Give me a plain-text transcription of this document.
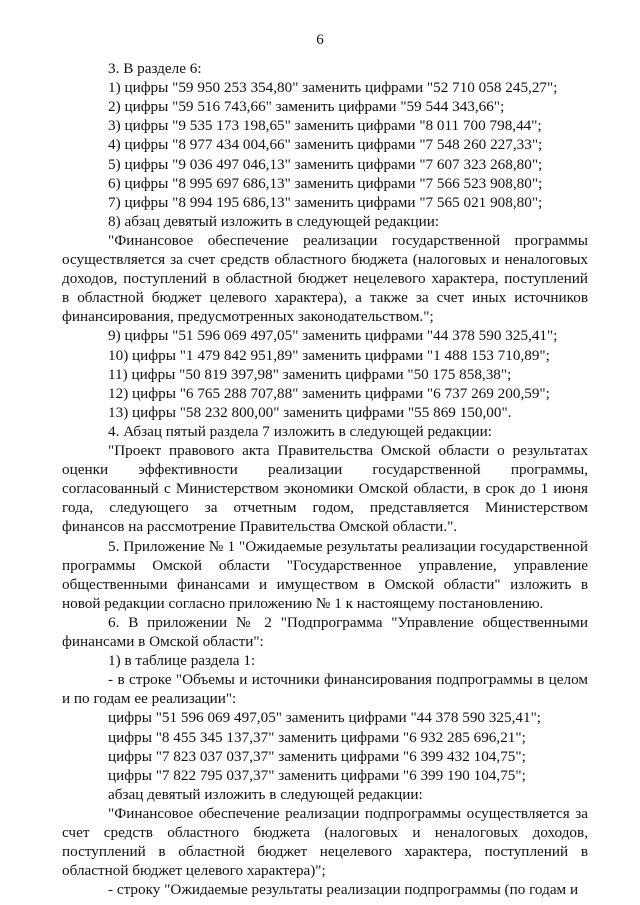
6
3. В разделе 6:
1) цифры "59 950 253 354,80" заменить цифрами "52 710 058 245,27";
2) цифры "59 516 743,66" заменить цифрами "59 544 343,66";
3) цифры "9 535 173 198,65" заменить цифрами "8 011 700 798,44";
4) цифры "8 977 434 004,66" заменить цифрами "7 548 260 227,33";
5) цифры "9 036 497 046,13" заменить цифрами "7 607 323 268,80";
6) цифры "8 995 697 686,13" заменить цифрами "7 566 523 908,80";
7) цифры "8 994 195 686,13" заменить цифрами "7 565 021 908,80";
8) абзац девятый изложить в следующей редакции:
"Финансовое обеспечение реализации государственной программы
осуществляется за счет средств областного бюджета (налоговых и неналоговых
доходов, поступлений в областной бюджет нецелевого характера, поступлений
в областной бюджет целевого характера), а также за счет иных источников
финансирования, предусмотренных законодательством.";
9) цифры "51 596 069 497,05" заменить цифрами "44 378 590 325,41";
10) цифры "1 479 842 951,89" заменить цифрами "1 488 153 710,89";
11) цифры "50 819 397,98" заменить цифрами "50 175 858,38";
12) цифры "6 765 288 707,88" заменить цифрами "6 737 269 200,59";
13) цифры "58 232 800,00" заменить цифрами "55 869 150,00".
4. Абзац пятый раздела 7 изложить в следующей редакции:
"Проект правового акта Правительства Омской области о результатах
оценки эффективности реализации государственной программы,
согласованный с Министерством экономики Омской области, в срок до 1 июня
года, следующего за отчетным годом, представляется Министерством
финансов на рассмотрение Правительства Омской области.".
5. Приложение № 1 "Ожидаемые результаты реализации государственной
программы Омской области "Государственное управление, управление
общественными финансами и имуществом в Омской области" изложить в
новой редакции согласно приложению № 1 к настоящему постановлению.
6. В приложении № 2 "Подпрограмма "Управление общественными
финансами в Омской области":
1) в таблице раздела 1:
- в строке "Объемы и источники финансирования подпрограммы в целом
и по годам ее реализации":
цифры "51 596 069 497,05" заменить цифрами "44 378 590 325,41";
цифры "8 455 345 137,37" заменить цифрами "6 932 285 696,21";
цифры "7 823 037 037,37" заменить цифрами "6 399 432 104,75";
цифры "7 822 795 037,37" заменить цифрами "6 399 190 104,75";
абзац девятый изложить в следующей редакции:
"Финансовое обеспечение реализации подпрограммы осуществляется за
счет средств областного бюджета (налоговых и неналоговых доходов,
поступлений в областной бюджет нецелевого характера, поступлений в
областной бюджет целевого характера)";
- строку "Ожидаемые результаты реализации подпрограммы (по годам и
